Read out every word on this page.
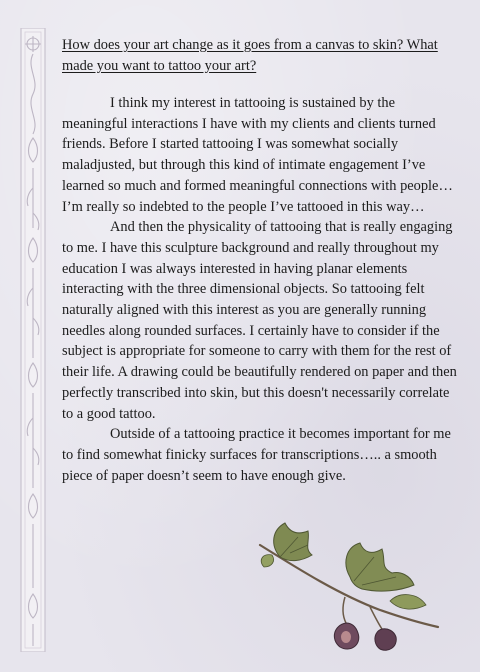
How does your art change as it goes from a canvas to skin? What made you want to tattoo your art?

I think my interest in tattooing is sustained by the meaningful interactions I have with my clients and clients turned friends. Before I started tattooing I was somewhat socially maladjusted, but through this kind of intimate engagement I’ve learned so much and formed meaningful connections with people… I’m really so indebted to the people I’ve tattooed in this way…

And then the physicality of tattooing that is really engaging to me. I have this sculpture background and really throughout my education I was always interested in having planar elements interacting with the three dimensional objects. So tattooing felt naturally aligned with this interest as you are generally running needles along rounded surfaces. I certainly have to consider if the subject is appropriate for someone to carry with them for the rest of their life. A drawing could be beautifully rendered on paper and then perfectly transcribed into skin, but this doesn't necessarily correlate to a good tattoo.

Outside of a tattooing practice it becomes important for me to find somewhat finicky surfaces for transcriptions….. a smooth piece of paper doesn’t seem to have enough give.
